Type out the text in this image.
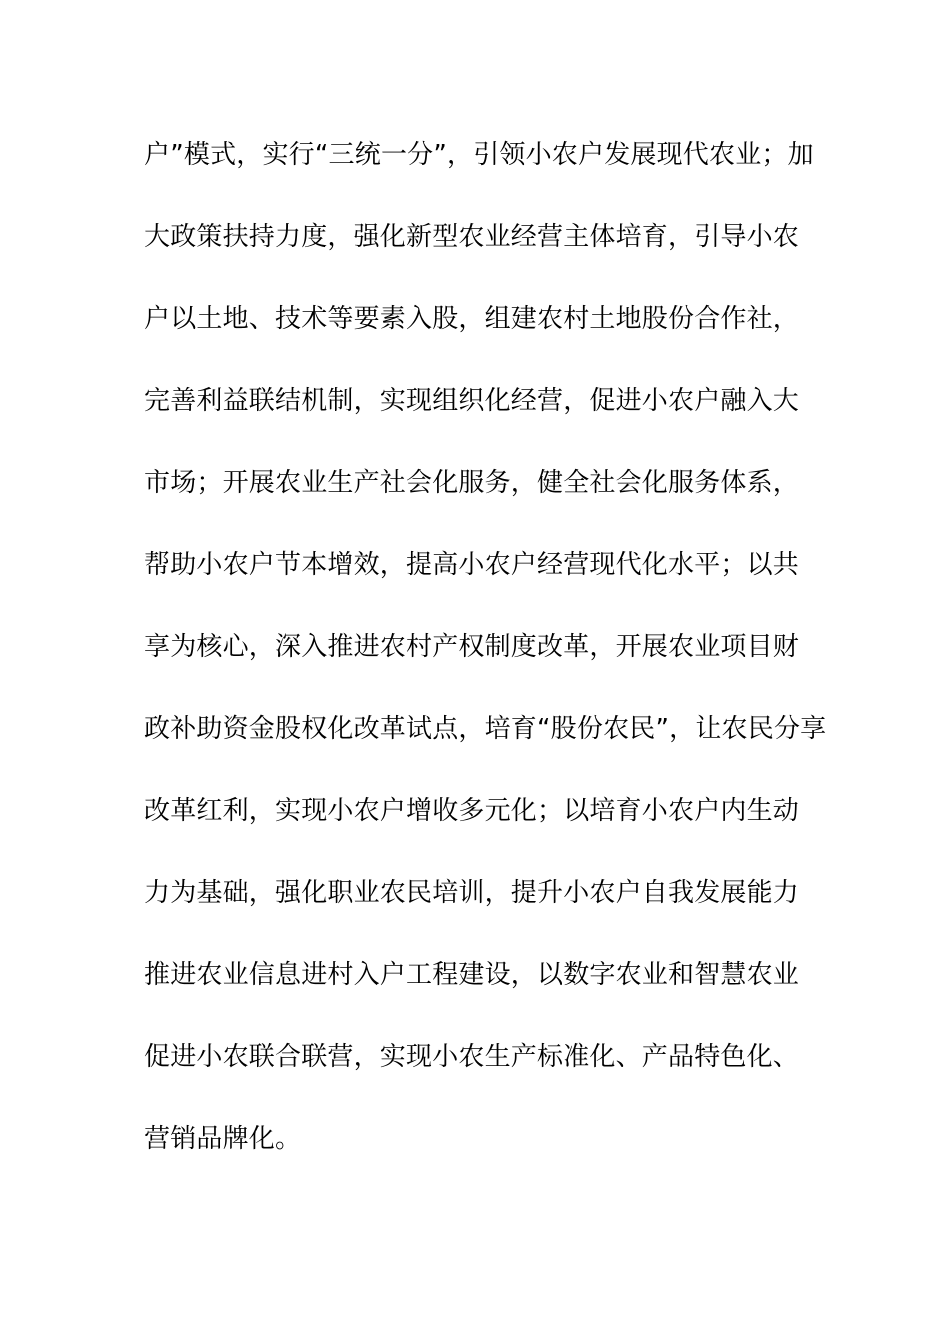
户”模式，实行“三统一分”，引领小农户发展现代农业；加
大政策扶持力度，强化新型农业经营主体培育，引导小农
户以土地、技术等要素入股，组建农村土地股份合作社，
完善利益联结机制，实现组织化经营，促进小农户融入大
市场；开展农业生产社会化服务，健全社会化服务体系，
帮助小农户节本增效，提高小农户经营现代化水平；以共
享为核心，深入推进农村产权制度改革，开展农业项目财
政补助资金股权化改革试点，培育“股份农民”，让农民分享
改革红利，实现小农户增收多元化；以培育小农户内生动
力为基础，强化职业农民培训，提升小农户自我发展能力
推进农业信息进村入户工程建设，以数字农业和智慧农业
促进小农联合联营，实现小农生产标准化、产品特色化、
营销品牌化。
